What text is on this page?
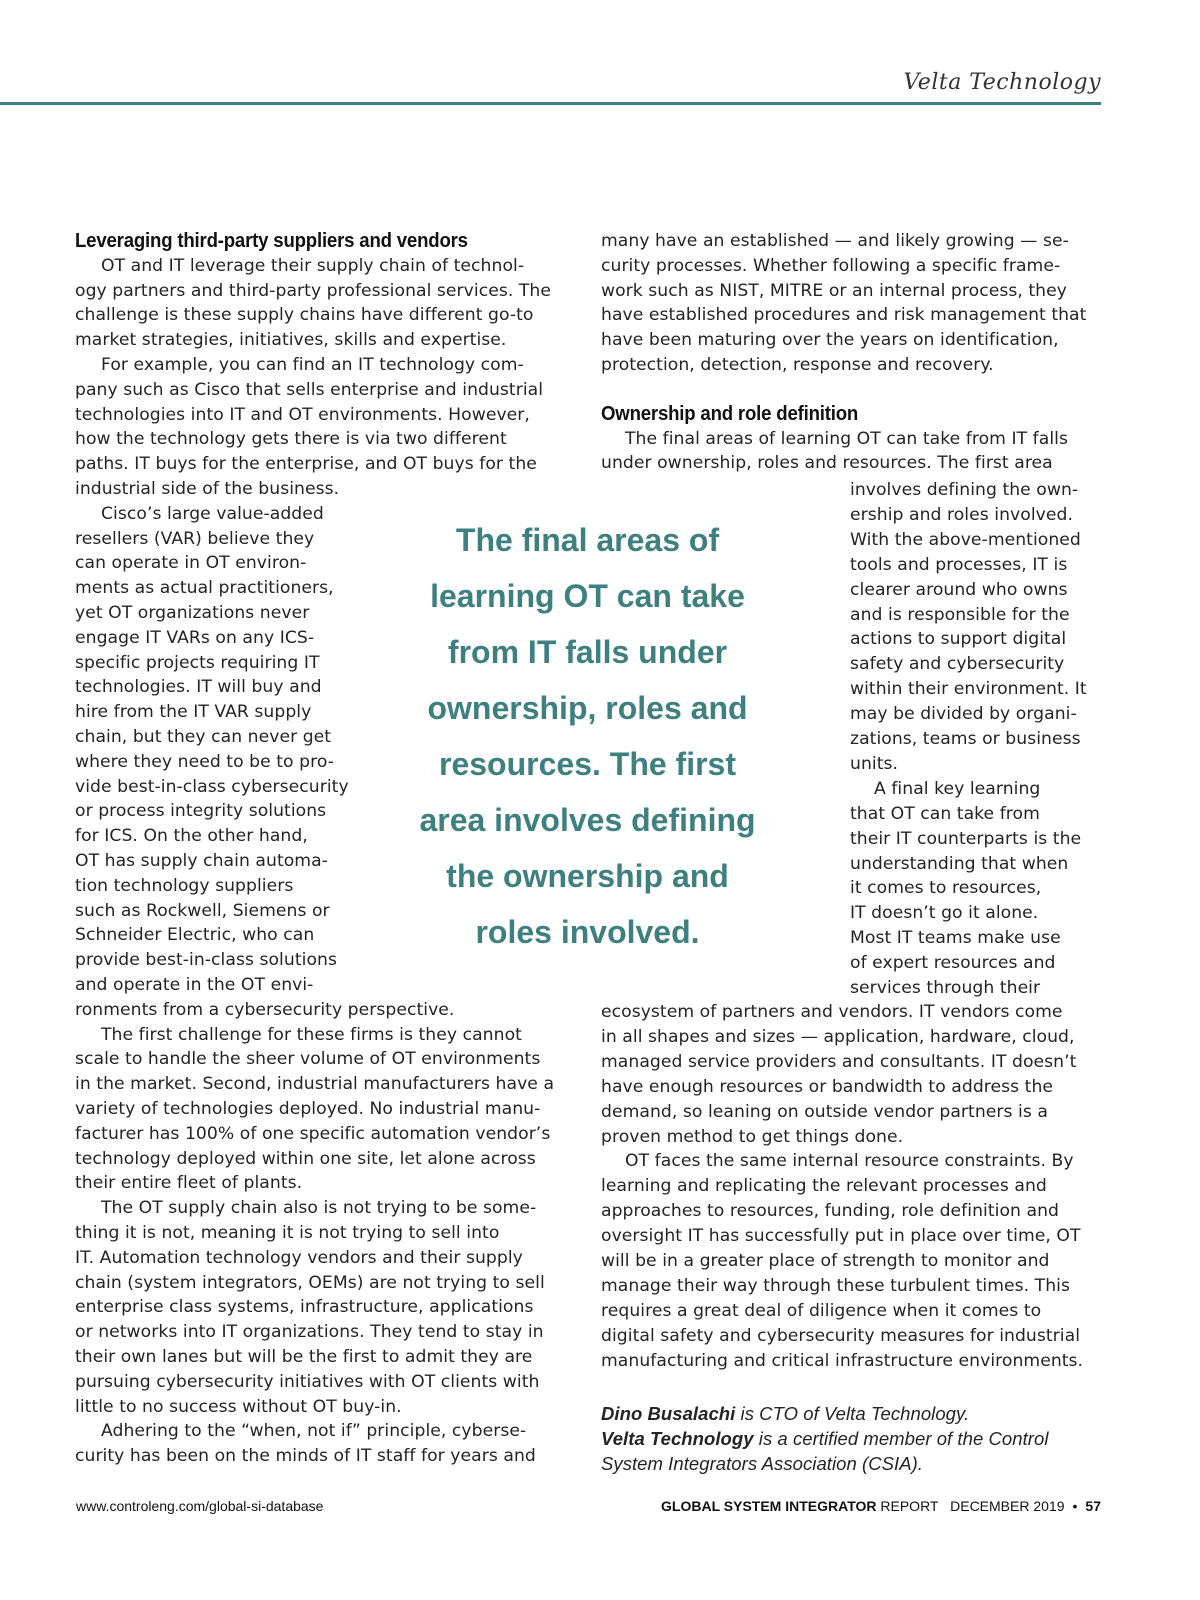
Velta Technology
Leveraging third-party suppliers and vendors
OT and IT leverage their supply chain of technol-
ogy partners and third-party professional services. The
challenge is these supply chains have different go-to
market strategies, initiatives, skills and expertise.
For example, you can find an IT technology com-
pany such as Cisco that sells enterprise and industrial
technologies into IT and OT environments. However,
how the technology gets there is via two different
paths. IT buys for the enterprise, and OT buys for the
industrial side of the business.
Cisco’s large value-added
resellers (VAR) believe they
can operate in OT environ-
ments as actual practitioners,
yet OT organizations never
engage IT VARs on any ICS-
specific projects requiring IT
technologies. IT will buy and
hire from the IT VAR supply
chain, but they can never get
where they need to be to pro-
vide best-in-class cybersecurity
or process integrity solutions
for ICS. On the other hand,
OT has supply chain automa-
tion technology suppliers
such as Rockwell, Siemens or
Schneider Electric, who can
provide best-in-class solutions
and operate in the OT envi-
ronments from a cybersecurity perspective.
The first challenge for these firms is they cannot
scale to handle the sheer volume of OT environments
in the market. Second, industrial manufacturers have a
variety of technologies deployed. No industrial manu-
facturer has 100% of one specific automation vendor’s
technology deployed within one site, let alone across
their entire fleet of plants.
The OT supply chain also is not trying to be some-
thing it is not, meaning it is not trying to sell into
IT. Automation technology vendors and their supply
chain (system integrators, OEMs) are not trying to sell
enterprise class systems, infrastructure, applications
or networks into IT organizations. They tend to stay in
their own lanes but will be the first to admit they are
pursuing cybersecurity initiatives with OT clients with
little to no success without OT buy-in.
Adhering to the “when, not if” principle, cyberse-
curity has been on the minds of IT staff for years and
many have an established — and likely growing — se-
curity processes. Whether following a specific frame-
work such as NIST, MITRE or an internal process, they
have established procedures and risk management that
have been maturing over the years on identification,
protection, detection, response and recovery.
Ownership and role definition
The final areas of learning OT can take from IT falls
under ownership, roles and resources. The first area
involves defining the own-
ership and roles involved.
With the above-mentioned
tools and processes, IT is
clearer around who owns
and is responsible for the
actions to support digital
safety and cybersecurity
within their environment. It
may be divided by organi-
zations, teams or business
units.
A final key learning
that OT can take from
their IT counterparts is the
understanding that when
it comes to resources,
IT doesn’t go it alone.
Most IT teams make use
of expert resources and
services through their
ecosystem of partners and vendors. IT vendors come
in all shapes and sizes — application, hardware, cloud,
managed service providers and consultants. IT doesn’t
have enough resources or bandwidth to address the
demand, so leaning on outside vendor partners is a
proven method to get things done.
OT faces the same internal resource constraints. By
learning and replicating the relevant processes and
approaches to resources, funding, role definition and
oversight IT has successfully put in place over time, OT
will be in a greater place of strength to monitor and
manage their way through these turbulent times. This
requires a great deal of diligence when it comes to
digital safety and cybersecurity measures for industrial
manufacturing and critical infrastructure environments.
The final areas of
learning OT can take
from IT falls under
ownership, roles and
resources. The first
area involves defining
the ownership and
roles involved.
Dino Busalachi is CTO of Velta Technology.
Velta Technology is a certified member of the Control
System Integrators Association (CSIA).
www.controleng.com/global-si-database	GLOBAL SYSTEM INTEGRATOR REPORT DECEMBER 2019 • 57
